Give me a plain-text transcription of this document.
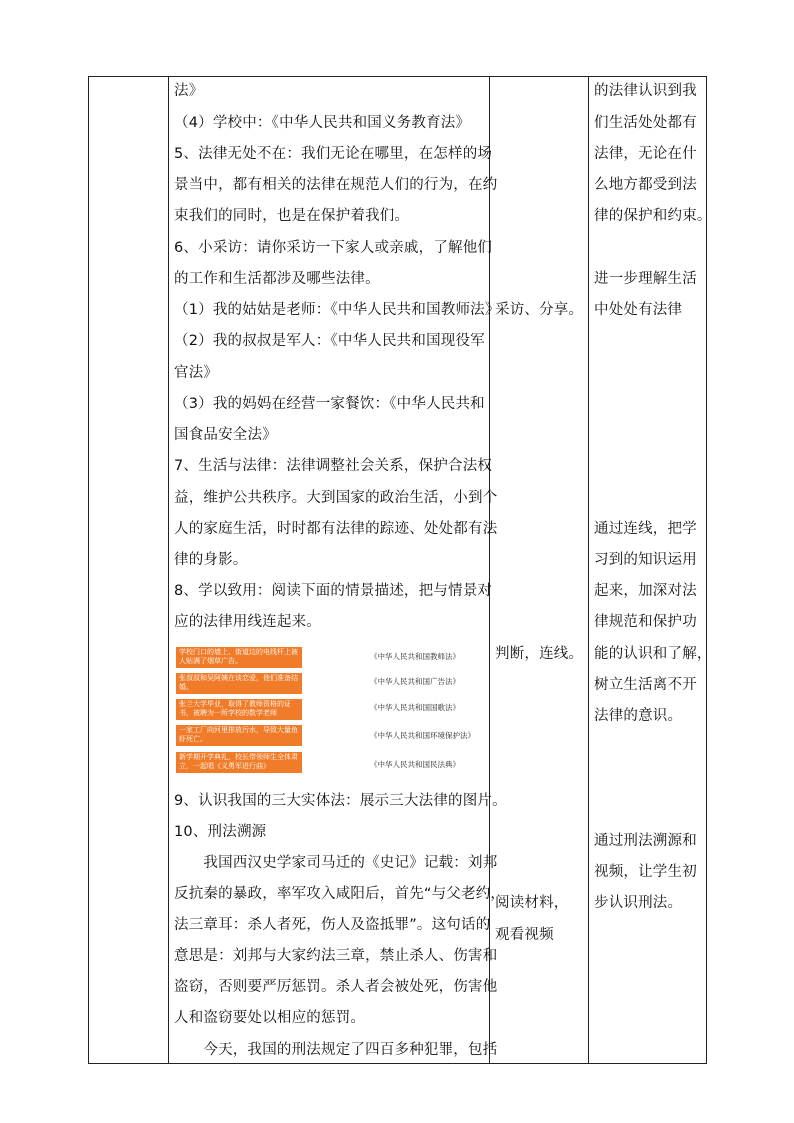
法》
（4）学校中：《中华人民共和国义务教育法》
5、法律无处不在：我们无论在哪里，在怎样的场
景当中，都有相关的法律在规范人们的行为，在约
束我们的同时，也是在保护着我们。
6、小采访：请你采访一下家人或亲戚，了解他们
的工作和生活都涉及哪些法律。
（1）我的姑姑是老师：《中华人民共和国教师法》
（2）我的叔叔是军人：《中华人民共和国现役军
官法》
（3）我的妈妈在经营一家餐饮：《中华人民共和
国食品安全法》
7、生活与法律：法律调整社会关系，保护合法权
益，维护公共秩序。大到国家的政治生活，小到个
人的家庭生活，时时都有法律的踪迹、处处都有法
律的身影。
8、学以致用：阅读下面的情景描述，把与情景对
应的法律用线连起来。
学校门口的墙上、街道边的电线杆上被人贴满了烟草广告。
张叔叔和吴阿姨在谈恋爱，他们准备结婚。
张兰大学毕业，取得了教师资格的证书，被聘为一所学校的数学老师
一家工厂向河里排放污水，导致大量鱼虾死亡。
新学期开学典礼，校长带领师生全体肃立，一起唱《义勇军进行曲》
《中华人民共和国教师法》
《中华人民共和国广告法》
《中华人民共和国国歌法》
《中华人民共和国环境保护法》
《中华人民共和国民法典》
9、认识我国的三大实体法：展示三大法律的图片。
10、刑法溯源
　　我国西汉史学家司马迁的《史记》记载：刘邦
反抗秦的暴政，率军攻入咸阳后，首先“与父老约，
法三章耳：杀人者死，伤人及盗抵罪”。这句话的
意思是：刘邦与大家约法三章，禁止杀人、伤害和
盗窃，否则要严厉惩罚。杀人者会被处死，伤害他
人和盗窃要处以相应的惩罚。
　　今天，我国的刑法规定了四百多种犯罪，包括
采访、分享。
判断，连线。
阅读材料，
观看视频
的法律认识到我
们生活处处都有
法律，无论在什
么地方都受到法
律的保护和约束。
进一步理解生活
中处处有法律
通过连线，把学
习到的知识运用
起来，加深对法
律规范和保护功
能的认识和了解，
树立生活离不开
法律的意识。
通过刑法溯源和
视频，让学生初
步认识刑法。
